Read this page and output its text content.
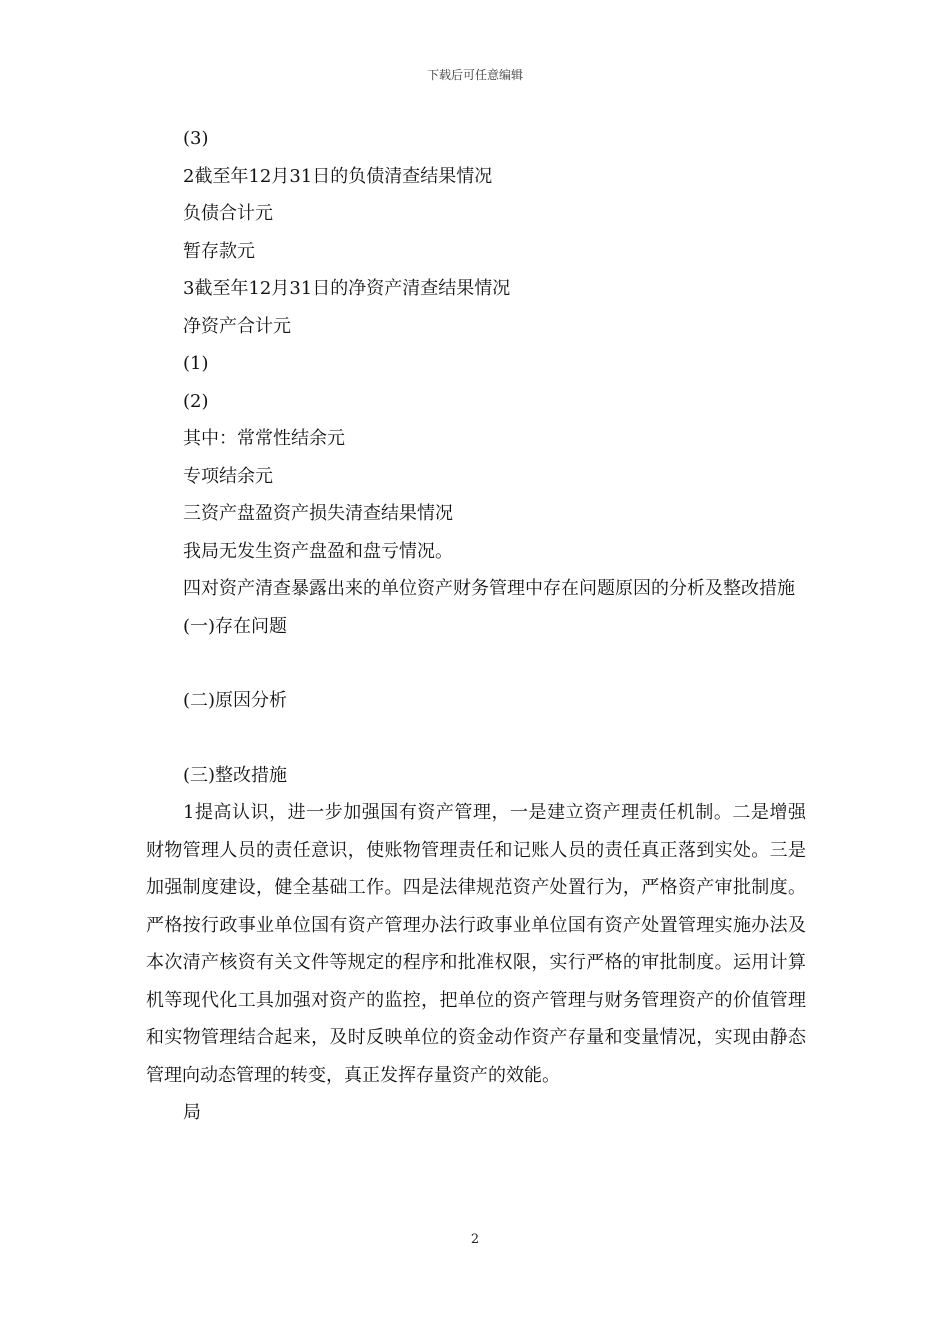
下载后可任意编辑

(3)

2截至年12月31日的负债清查结果情况

负债合计元

暂存款元

3截至年12月31日的净资产清查结果情况

净资产合计元

(1)

(2)

其中：常常性结余元

专项结余元

三资产盘盈资产损失清查结果情况

我局无发生资产盘盈和盘亏情况。

四对资产清查暴露出来的单位资产财务管理中存在问题原因的分析及整改措施

(一)存在问题

(二)原因分析

(三)整改措施

1提高认识，进一步加强国有资产管理，一是建立资产理责任机制。二是增强财物管理人员的责任意识，使账物管理责任和记账人员的责任真正落到实处。三是加强制度建设，健全基础工作。四是法律规范资产处置行为，严格资产审批制度。严格按行政事业单位国有资产管理办法行政事业单位国有资产处置管理实施办法及本次清产核资有关文件等规定的程序和批准权限，实行严格的审批制度。运用计算机等现代化工具加强对资产的监控，把单位的资产管理与财务管理资产的价值管理和实物管理结合起来，及时反映单位的资金动作资产存量和变量情况，实现由静态管理向动态管理的转变，真正发挥存量资产的效能。

局

2
